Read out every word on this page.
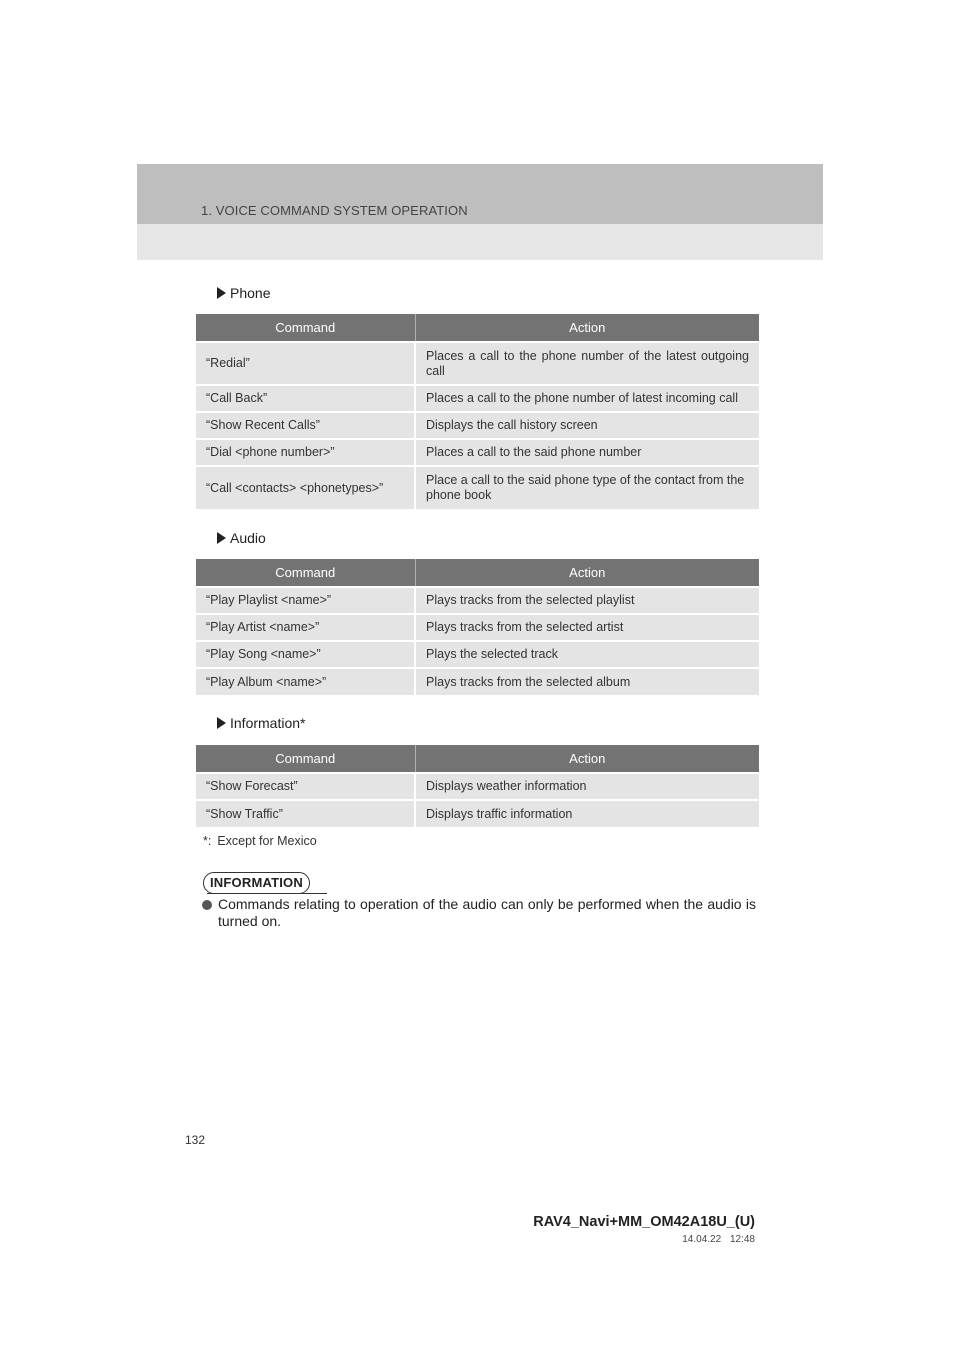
1. VOICE COMMAND SYSTEM OPERATION
Phone
Command	Action
“Redial”	Places a call to the phone number of the latest outgoing call
“Call Back”	Places a call to the phone number of latest incoming call
“Show Recent Calls”	Displays the call history screen
“Dial <phone number>”	Places a call to the said phone number
“Call <contacts> <phonetypes>”	Place a call to the said phone type of the contact from the phone book
Audio
Command	Action
“Play Playlist <name>”	Plays tracks from the selected playlist
“Play Artist <name>”	Plays tracks from the selected artist
“Play Song <name>”	Plays the selected track
“Play Album <name>”	Plays tracks from the selected album
Information*
Command	Action
“Show Forecast”	Displays weather information
“Show Traffic”	Displays traffic information
*: Except for Mexico
INFORMATION
Commands relating to operation of the audio can only be performed when the audio is turned on.
132
RAV4_Navi+MM_OM42A18U_(U)
14.04.22 12:48
